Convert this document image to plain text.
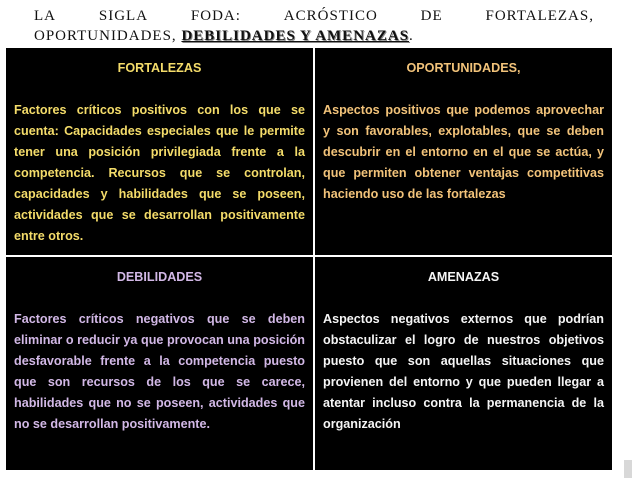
LA	SIGLA	FODA:	ACRÓSTICO	DE	FORTALEZAS,
OPORTUNIDADES, DEBILIDADES Y AMENAZAS.
FORTALEZAS
Factores críticos positivos con los que se cuenta: Capacidades especiales que le permite tener una posición privilegiada frente a la competencia. Recursos que se controlan, capacidades y habilidades que se poseen, actividades que se desarrollan positivamente entre otros.
OPORTUNIDADES,
Aspectos positivos que podemos aprovechar y son favorables, explotables, que se deben descubrir en el entorno en el que se actúa, y que permiten obtener ventajas competitivas haciendo uso de las fortalezas
DEBILIDADES
Factores críticos negativos que se deben eliminar o reducir ya que provocan una posición desfavorable frente a la competencia puesto que son recursos de los que se carece, habilidades que no se poseen, actividades que no se desarrollan positivamente.
AMENAZAS
Aspectos negativos externos que podrían obstaculizar el logro de nuestros objetivos puesto que son aquellas situaciones que provienen del entorno y que pueden llegar a atentar incluso contra la permanencia de la organización
